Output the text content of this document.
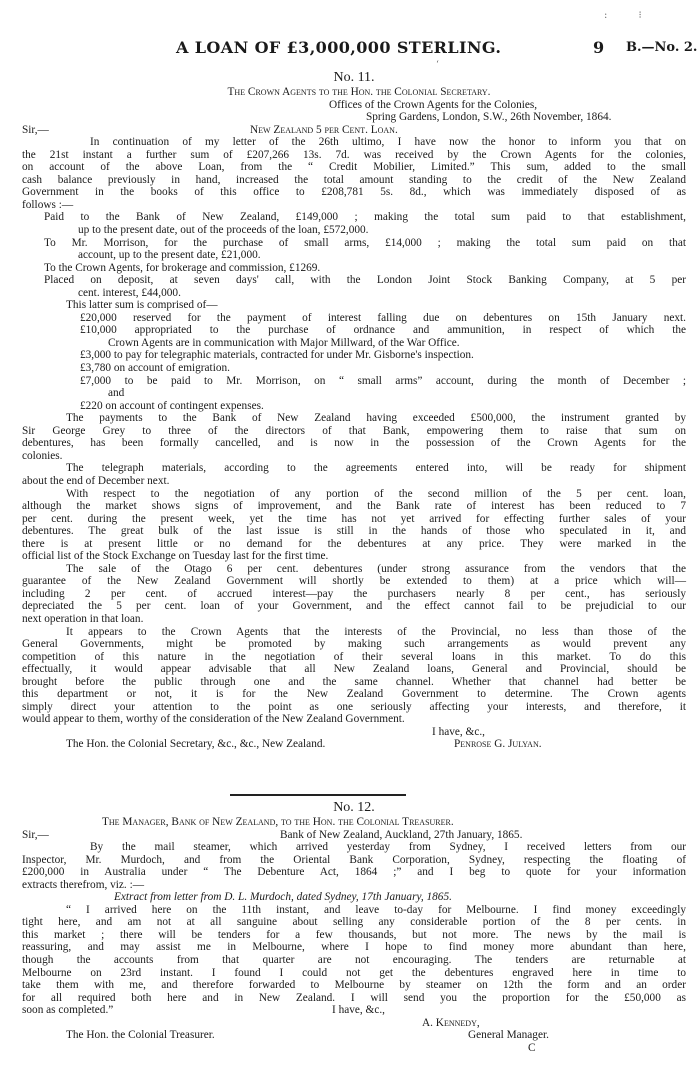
: ⁝
A LOAN OF £3,000,000 STERLING.	9 B.—No. 2.
‘
No. 11.
The Crown Agents to the Hon. the Colonial Secretary.
Offices of the Crown Agents for the Colonies,
Spring Gardens, London, S.W., 26th November, 1864.
Sir,—	New Zealand 5 per Cent. Loan.
In continuation of my letter of the 26th ultimo, I have now the honor to inform you that on
the 21st instant a further sum of £207,266 13s. 7d. was received by the Crown Agents for the colonies,
on account of the above Loan, from the “ Credit Mobilier, Limited.” This sum, added to the small
cash balance previously in hand, increased the total amount standing to the credit of the New Zealand
Government in the books of this office to £208,781 5s. 8d., which was immediately disposed of as
follows :—
Paid to the Bank of New Zealand, £149,000 ; making the total sum paid to that establishment,
up to the present date, out of the proceeds of the loan, £572,000.
To Mr. Morrison, for the purchase of small arms, £14,000 ; making the total sum paid on that
account, up to the present date, £21,000.
To the Crown Agents, for brokerage and commission, £1269.
Placed on deposit, at seven days' call, with the London Joint Stock Banking Company, at 5 per
cent. interest, £44,000.
This latter sum is comprised of—
£20,000 reserved for the payment of interest falling due on debentures on 15th January next.
£10,000 appropriated to the purchase of ordnance and ammunition, in respect of which the
Crown Agents are in communication with Major Millward, of the War Office.
£3,000 to pay for telegraphic materials, contracted for under Mr. Gisborne's inspection.
£3,780 on account of emigration.
£7,000 to be paid to Mr. Morrison, on “ small arms” account, during the month of December ;
and
£220 on account of contingent expenses.
The payments to the Bank of New Zealand having exceeded £500,000, the instrument granted by
Sir George Grey to three of the directors of that Bank, empowering them to raise that sum on
debentures, has been formally cancelled, and is now in the possession of the Crown Agents for the
colonies.
The telegraph materials, according to the agreements entered into, will be ready for shipment
about the end of December next.
With respect to the negotiation of any portion of the second million of the 5 per cent. loan,
although the market shows signs of improvement, and the Bank rate of interest has been reduced to 7
per cent. during the present week, yet the time has not yet arrived for effecting further sales of your
debentures. The great bulk of the last issue is still in the hands of those who speculated in it, and
there is at present little or no demand for the debentures at any price. They were marked in the
official list of the Stock Exchange on Tuesday last for the first time.
The sale of the Otago 6 per cent. debentures (under strong assurance from the vendors that the
guarantee of the New Zealand Government will shortly be extended to them) at a price which will—
including 2 per cent. of accrued interest—pay the purchasers nearly 8 per cent., has seriously
depreciated the 5 per cent. loan of your Government, and the effect cannot fail to be prejudicial to our
next operation in that loan.
It appears to the Crown Agents that the interests of the Provincial, no less than those of the
General Governments, might be promoted by making such arrangements as would prevent any
competition of this nature in the negotiation of their several loans in this market. To do this
effectually, it would appear advisable that all New Zealand loans, General and Provincial, should be
brought before the public through one and the same channel. Whether that channel had better be
this department or not, it is for the New Zealand Government to determine. The Crown agents
simply direct your attention to the point as one seriously affecting your interests, and therefore, it
would appear to them, worthy of the consideration of the New Zealand Government.
I have, &c.,
The Hon. the Colonial Secretary, &c., &c., New Zealand.	Penrose G. Julyan.
No. 12.
The Manager, Bank of New Zealand, to the Hon. the Colonial Treasurer.
Sir,—	Bank of New Zealand, Auckland, 27th January, 1865.
By the mail steamer, which arrived yesterday from Sydney, I received letters from our
Inspector, Mr. Murdoch, and from the Oriental Bank Corporation, Sydney, respecting the floating of
£200,000 in Australia under “ The Debenture Act, 1864 ;” and I beg to quote for your information
extracts therefrom, viz. :—
Extract from letter from D. L. Murdoch, dated Sydney, 17th January, 1865.
“ I arrived here on the 11th instant, and leave to-day for Melbourne. I find money exceedingly
tight here, and am not at all sanguine about selling any considerable portion of the 8 per cents. in
this market ; there will be tenders for a few thousands, but not more. The news by the mail is
reassuring, and may assist me in Melbourne, where I hope to find money more abundant than here,
though the accounts from that quarter are not encouraging. The tenders are returnable at
Melbourne on 23rd instant. I found I could not get the debentures engraved here in time to
take them with me, and therefore forwarded to Melbourne by steamer on 12th the form and an order
for all required both here and in New Zealand. I will send you the proportion for the £50,000 as
soon as completed.”	I have, &c.,
A. Kennedy,
The Hon. the Colonial Treasurer.	General Manager.
C
